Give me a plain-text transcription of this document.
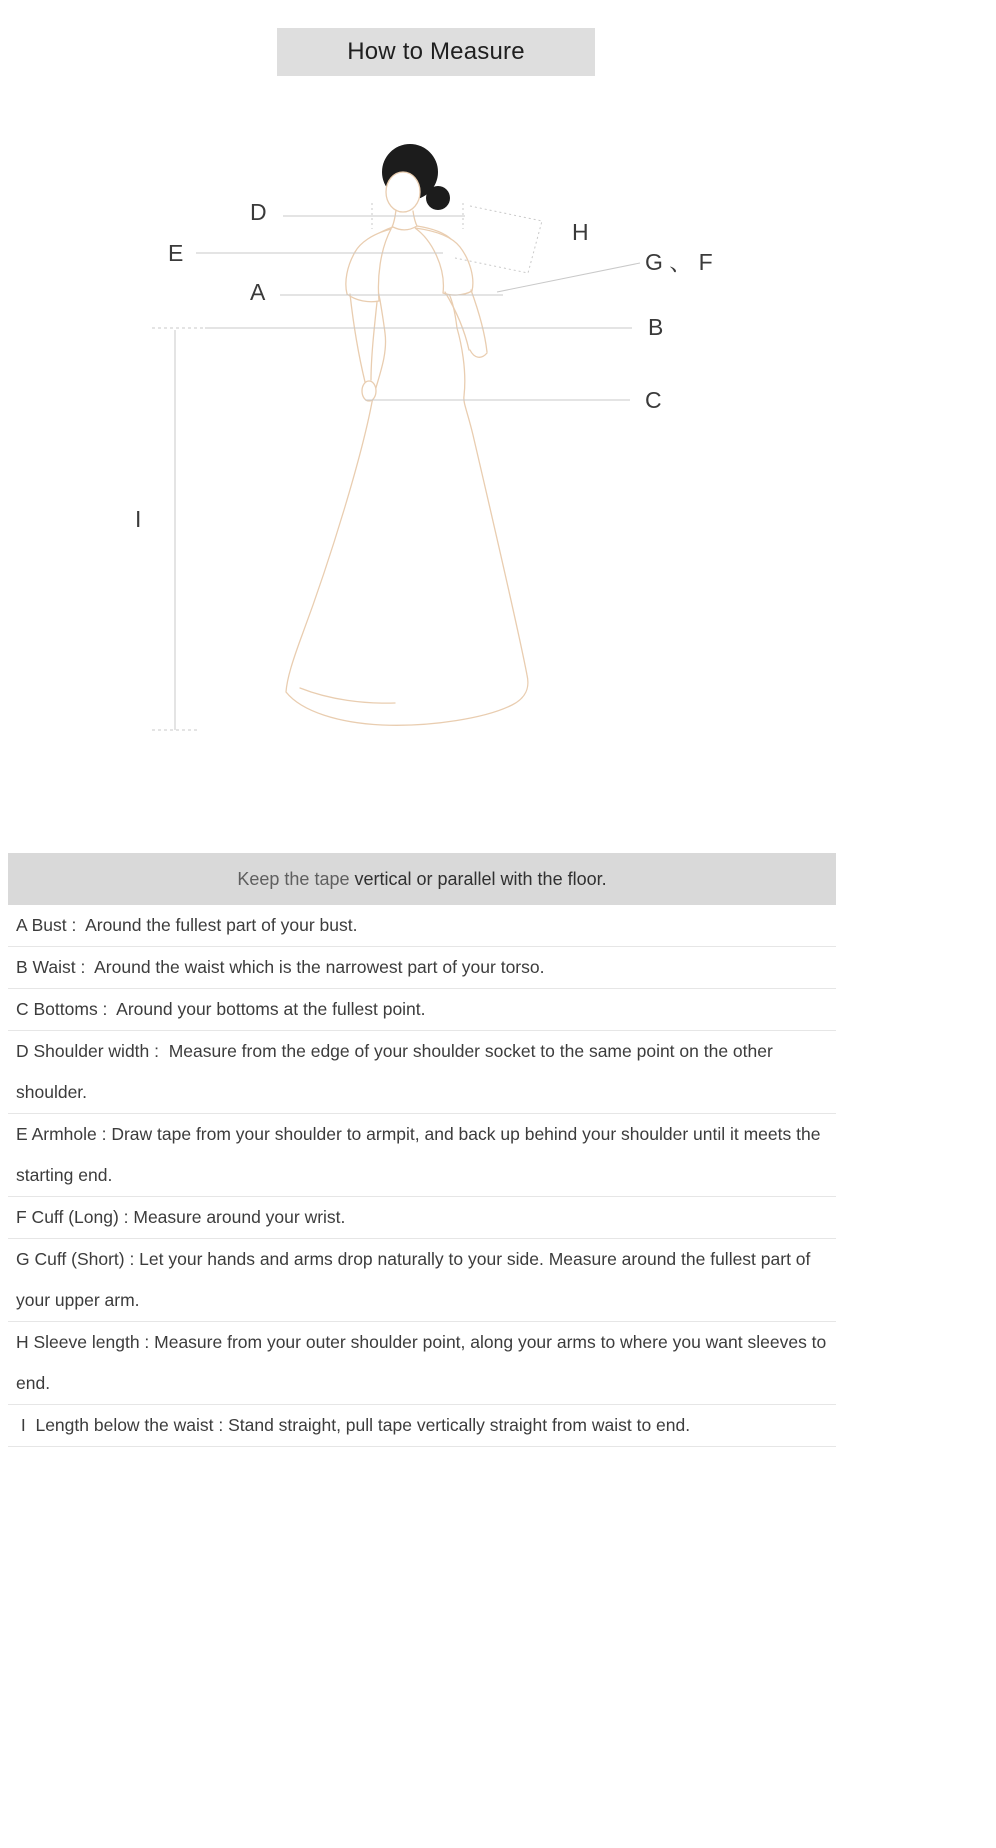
How to Measure
D
E
A
H
G 、 F
B
C
I
Keep the tape vertical or parallel with the floor.
A Bust :  Around the fullest part of your bust.
B Waist :  Around the waist which is the narrowest part of your torso.
C Bottoms :  Around your bottoms at the fullest point.
D Shoulder width :  Measure from the edge of your shoulder socket to the same point on the other shoulder.
E Armhole : Draw tape from your shoulder to armpit, and back up behind your shoulder until it meets the starting end.
F Cuff (Long) : Measure around your wrist.
G Cuff (Short) : Let your hands and arms drop naturally to your side. Measure around the fullest part of your upper arm.
H Sleeve length : Measure from your outer shoulder point, along your arms to where you want sleeves to end.
I  Length below the waist : Stand straight, pull tape vertically straight from waist to end.
